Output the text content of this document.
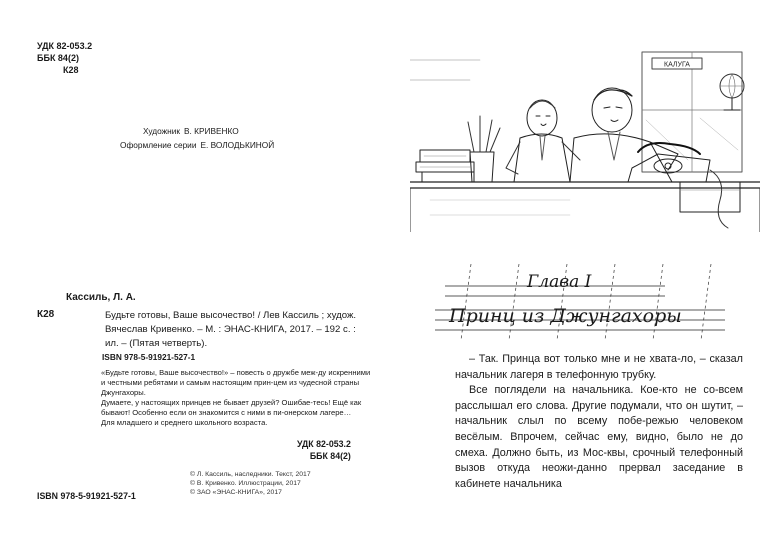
УДК 82-053.2
ББК 84(2)
К28
Художник В. КРИВЕНКО
Оформление серии Е. ВОЛОДЬКИНОЙ
Кассиль, Л. А.
К28	Будьте готовы, Ваше высочество! / Лев Кассиль ; худож. Вячеслав Кривенко. – М. : ЭНАС-КНИГА, 2017. – 192 с. : ил. – (Пятая четверть).
ISBN 978-5-91921-527-1

«Будьте готовы, Ваше высочество!» – повесть о дружбе меж-ду искренними и честными ребятами и самым настоящим прин-цем из чудесной страны Джунгахоры.

Думаете, у настоящих принцев не бывает друзей? Ошибае-тесь! Ещё как бывают! Особенно если он знакомится с ними в пи-онерском лагере…

Для младшего и среднего школьного возраста.

УДК 82-053.2
ББК 84(2)
© Л. Кассиль, наследники. Текст, 2017
© В. Кривенко. Иллюстрации, 2017
© ЗАО «ЭНАС-КНИГА», 2017
ISBN 978-5-91921-527-1
КАЛУГА
Глава I
Принц из Джунгахоры

– Так. Принца вот только мне и не хвата-ло, – сказал начальник лагеря в телефонную трубку.

Все поглядели на начальника. Кое-кто не со-всем расслышал его слова. Другие подумали, что он шутит, – начальник слыл по всему побе-режью человеком весёлым. Впрочем, сейчас ему, видно, было не до смеха. Должно быть, из Мос-квы, срочный телефонный вызов откуда неожи-данно прервал заседание в кабинете начальника
